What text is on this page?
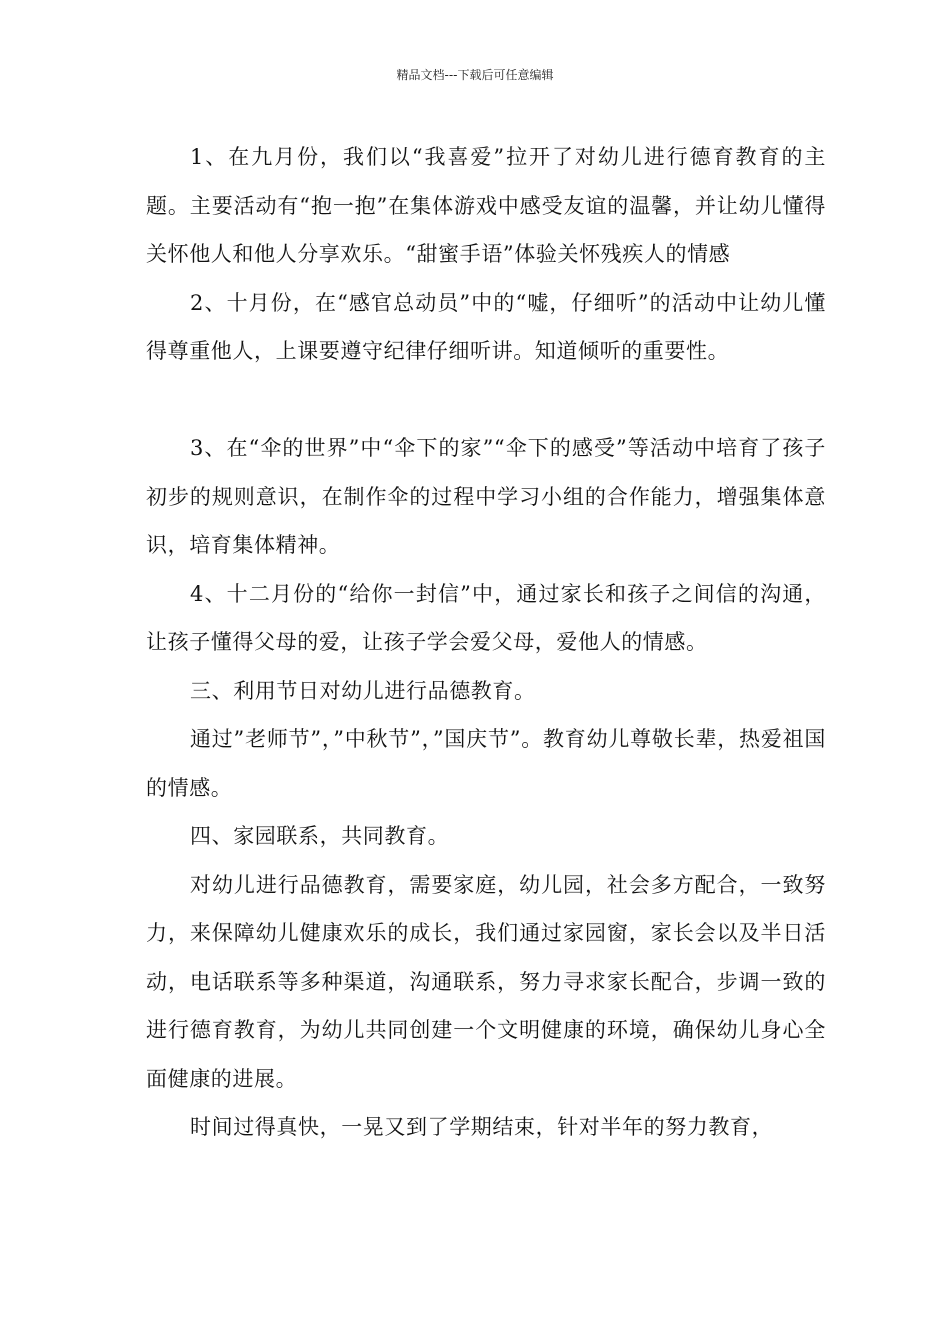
精品文档---下载后可任意编辑

1、在九月份，我们以“我喜爱”拉开了对幼儿进行德育教育的主题。主要活动有“抱一抱”在集体游戏中感受友谊的温馨，并让幼儿懂得关怀他人和他人分享欢乐。“甜蜜手语”体验关怀残疾人的情感

2、十月份，在“感官总动员”中的“嘘，仔细听”的活动中让幼儿懂得尊重他人，上课要遵守纪律仔细听讲。知道倾听的重要性。

3、在“伞的世界”中“伞下的家”“伞下的感受”等活动中培育了孩子初步的规则意识，在制作伞的过程中学习小组的合作能力，增强集体意识，培育集体精神。

4、十二月份的“给你一封信”中，通过家长和孩子之间信的沟通，让孩子懂得父母的爱，让孩子学会爱父母，爱他人的情感。

三、利用节日对幼儿进行品德教育。

通过”老师节”，”中秋节”，”国庆节”。教育幼儿尊敬长辈，热爱祖国的情感。

四、家园联系，共同教育。

对幼儿进行品德教育，需要家庭，幼儿园，社会多方配合，一致努力，来保障幼儿健康欢乐的成长，我们通过家园窗，家长会以及半日活动，电话联系等多种渠道，沟通联系，努力寻求家长配合，步调一致的进行德育教育，为幼儿共同创建一个文明健康的环境，确保幼儿身心全面健康的进展。

时间过得真快，一晃又到了学期结束，针对半年的努力教育，
